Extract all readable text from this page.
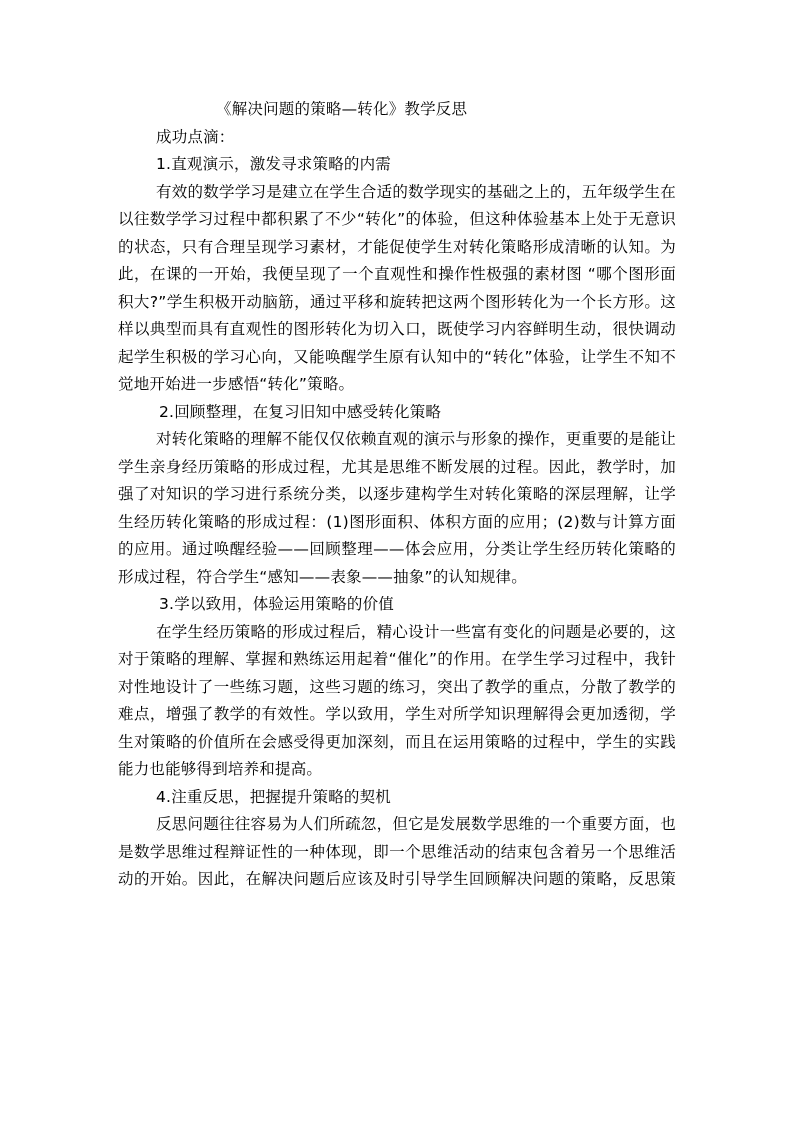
《解决问题的策略—转化》教学反思
成功点滴：
1.直观演示，激发寻求策略的内需
有效的数学学习是建立在学生合适的数学现实的基础之上的，五年级学生在
以往数学学习过程中都积累了不少“转化”的体验，但这种体验基本上处于无意识
的状态，只有合理呈现学习素材，才能促使学生对转化策略形成清晰的认知。为
此，在课的一开始，我便呈现了一个直观性和操作性极强的素材图 “哪个图形面
积大?”学生积极开动脑筋，通过平移和旋转把这两个图形转化为一个长方形。这
样以典型而具有直观性的图形转化为切入口，既使学习内容鲜明生动，很快调动
起学生积极的学习心向，又能唤醒学生原有认知中的“转化”体验，让学生不知不
觉地开始进一步感悟“转化”策略。
2.回顾整理，在复习旧知中感受转化策略
对转化策略的理解不能仅仅依赖直观的演示与形象的操作，更重要的是能让
学生亲身经历策略的形成过程，尤其是思维不断发展的过程。因此，教学时，加
强了对知识的学习进行系统分类，以逐步建构学生对转化策略的深层理解，让学
生经历转化策略的形成过程：(1)图形面积、体积方面的应用；(2)数与计算方面
的应用。通过唤醒经验——回顾整理——体会应用，分类让学生经历转化策略的
形成过程，符合学生“感知——表象——抽象”的认知规律。
3.学以致用，体验运用策略的价值
在学生经历策略的形成过程后，精心设计一些富有变化的问题是必要的，这
对于策略的理解、掌握和熟练运用起着“催化”的作用。在学生学习过程中，我针
对性地设计了一些练习题，这些习题的练习，突出了教学的重点，分散了教学的
难点，增强了教学的有效性。学以致用，学生对所学知识理解得会更加透彻，学
生对策略的价值所在会感受得更加深刻，而且在运用策略的过程中，学生的实践
能力也能够得到培养和提高。
4.注重反思，把握提升策略的契机
反思问题往往容易为人们所疏忽，但它是发展数学思维的一个重要方面，也
是数学思维过程辩证性的一种体现，即一个思维活动的结束包含着另一个思维活
动的开始。因此，在解决问题后应该及时引导学生回顾解决问题的策略，反思策
